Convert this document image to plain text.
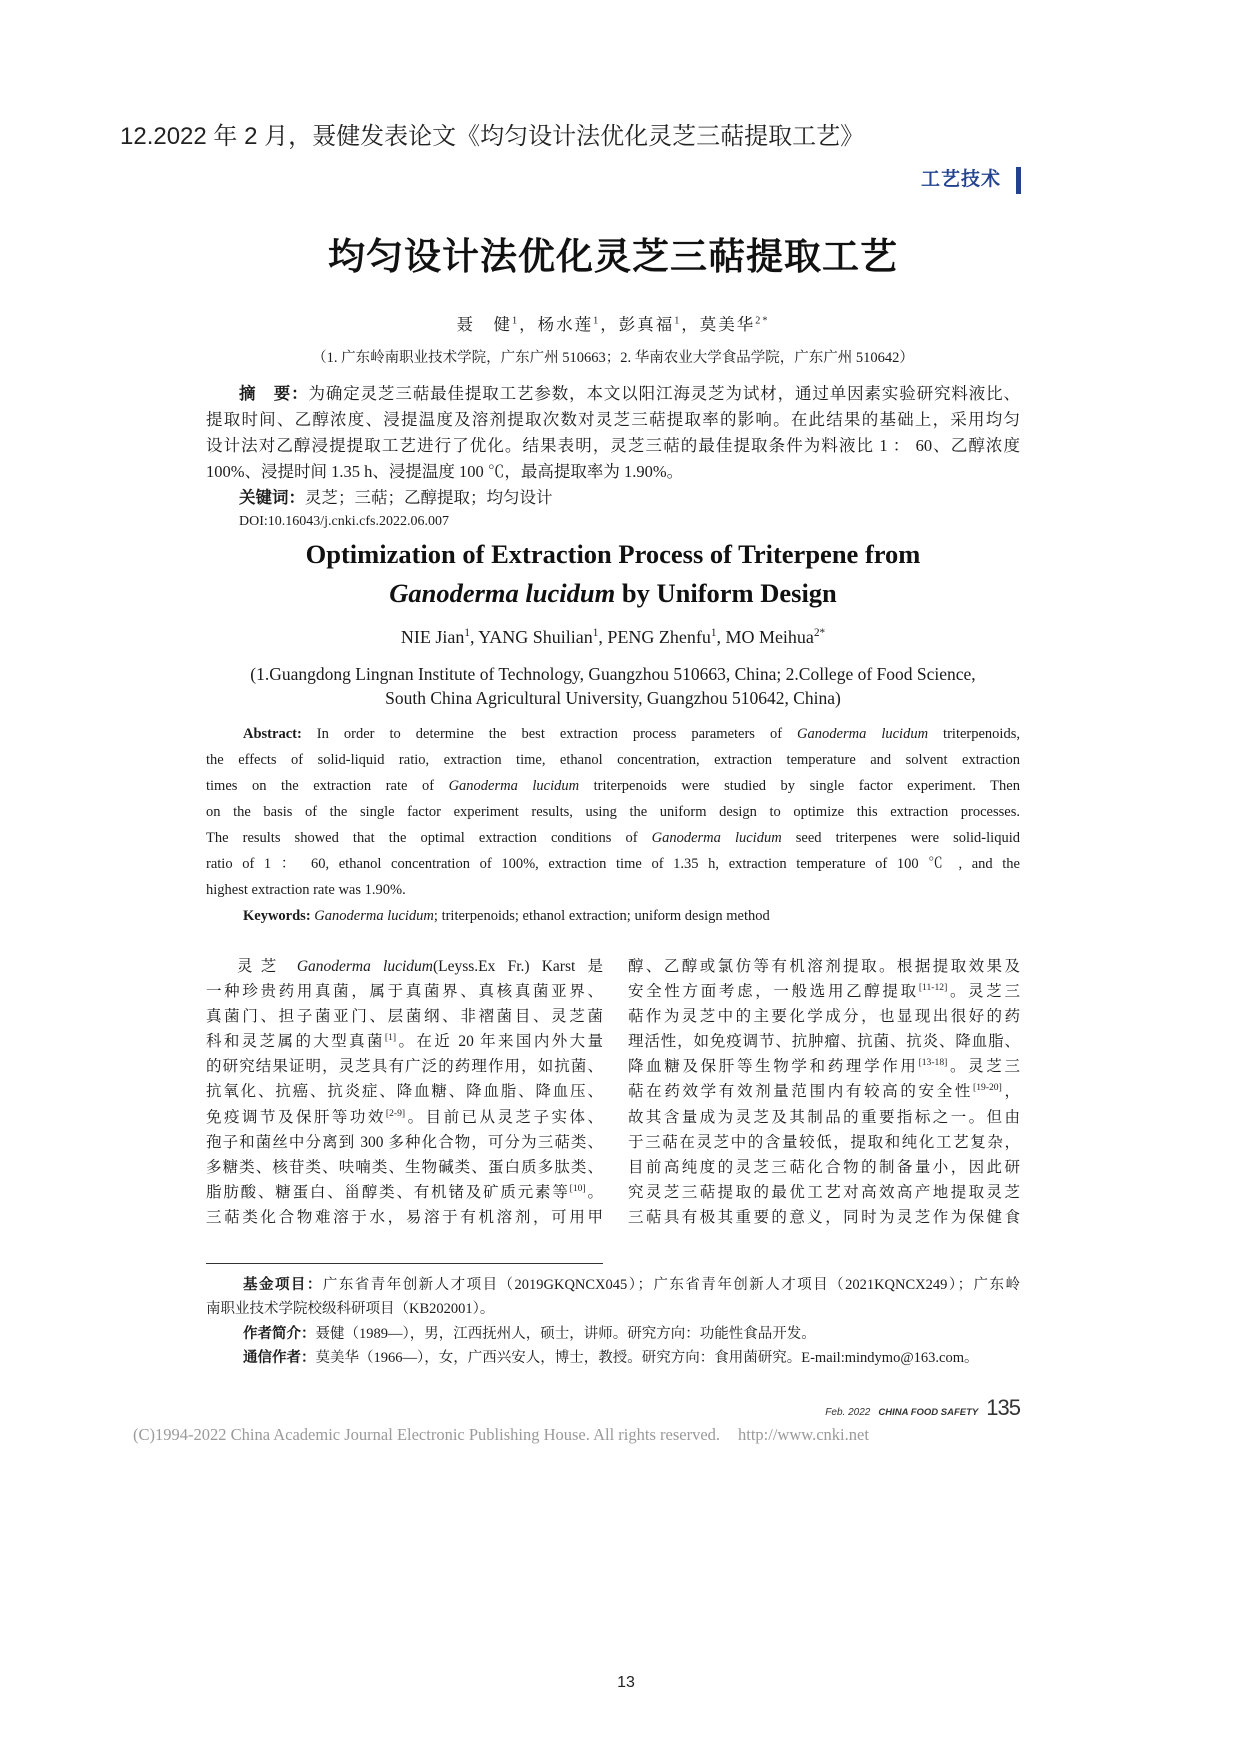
12.2022 年 2 月，聂健发表论文《均匀设计法优化灵芝三萜提取工艺》
工艺技术
均匀设计法优化灵芝三萜提取工艺
聂　健$^1$，杨水莲$^1$，彭真福$^1$，莫美华$^{2*}$
（1. 广东岭南职业技术学院，广东广州 510663；2. 华南农业大学食品学院，广东广州 510642）
摘　要：为确定灵芝三萜最佳提取工艺参数，本文以阳江海灵芝为试材，通过单因素实验研究料液比、
提取时间、乙醇浓度、浸提温度及溶剂提取次数对灵芝三萜提取率的影响。在此结果的基础上，采用均匀
设计法对乙醇浸提提取工艺进行了优化。结果表明，灵芝三萜的最佳提取条件为料液比 1 ： 60、乙醇浓度
100%、浸提时间 1.35 h、浸提温度 100 ℃，最高提取率为 1.90%。
关键词：灵芝；三萜；乙醇提取；均匀设计
DOI:10.16043/j.cnki.cfs.2022.06.007
Optimization of Extraction Process of Triterpene from
Ganoderma lucidum by Uniform Design
NIE Jian$^1$, YANG Shuilian$^1$, PENG Zhenfu$^1$, MO Meihua$^{2*}$
(1.Guangdong Lingnan Institute of Technology, Guangzhou 510663, China; 2.College of Food Science,
South China Agricultural University, Guangzhou 510642, China)
Abstract: In order to determine the best extraction process parameters of Ganoderma lucidum triterpenoids,
the effects of solid-liquid ratio, extraction time, ethanol concentration, extraction temperature and solvent extraction
times on the extraction rate of Ganoderma lucidum triterpenoids were studied by single factor experiment. Then
on the basis of the single factor experiment results, using the uniform design to optimize this extraction processes.
The results showed that the optimal extraction conditions of Ganoderma lucidum seed triterpenes were solid-liquid
ratio of 1 ： 60, ethanol concentration of 100%, extraction time of 1.35 h, extraction temperature of 100 ℃ , and the
highest extraction rate was 1.90%.
Keywords: Ganoderma lucidum; triterpenoids; ethanol extraction; uniform design method
灵芝 Ganoderma lucidum(Leyss.Ex Fr.) Karst 是
一种珍贵药用真菌，属于真菌界、真核真菌亚界、
真菌门、担子菌亚门、层菌纲、非褶菌目、灵芝菌
科和灵芝属的大型真菌[1]。在近 20 年来国内外大量
的研究结果证明，灵芝具有广泛的药理作用，如抗菌、
抗氧化、抗癌、抗炎症、降血糖、降血脂、降血压、
免疫调节及保肝等功效[2-9]。目前已从灵芝子实体、
孢子和菌丝中分离到 300 多种化合物，可分为三萜类、
多糖类、核苷类、呋喃类、生物碱类、蛋白质多肽类、
脂肪酸、糖蛋白、甾醇类、有机锗及矿质元素等[10]。
三萜类化合物难溶于水，易溶于有机溶剂，可用甲
醇、乙醇或氯仿等有机溶剂提取。根据提取效果及
安全性方面考虑，一般选用乙醇提取[11-12]。灵芝三
萜作为灵芝中的主要化学成分，也显现出很好的药
理活性，如免疫调节、抗肿瘤、抗菌、抗炎、降血脂、
降血糖及保肝等生物学和药理学作用[13-18]。灵芝三
萜在药效学有效剂量范围内有较高的安全性[19-20]，
故其含量成为灵芝及其制品的重要指标之一。但由
于三萜在灵芝中的含量较低，提取和纯化工艺复杂，
目前高纯度的灵芝三萜化合物的制备量小，因此研
究灵芝三萜提取的最优工艺对高效高产地提取灵芝
三萜具有极其重要的意义，同时为灵芝作为保健食
基金项目：广东省青年创新人才项目（2019GKQNCX045）；广东省青年创新人才项目（2021KQNCX249）；广东岭
南职业技术学院校级科研项目（KB202001）。
作者简介：聂健（1989—），男，江西抚州人，硕士，讲师。研究方向：功能性食品开发。
通信作者：莫美华（1966—），女，广西兴安人，博士，教授。研究方向：食用菌研究。E-mail:mindymo@163.com。
Feb. 2022 CHINA FOOD SAFETY 135
(C)1994-2022 China Academic Journal Electronic Publishing House. All rights reserved. http://www.cnki.net
13
